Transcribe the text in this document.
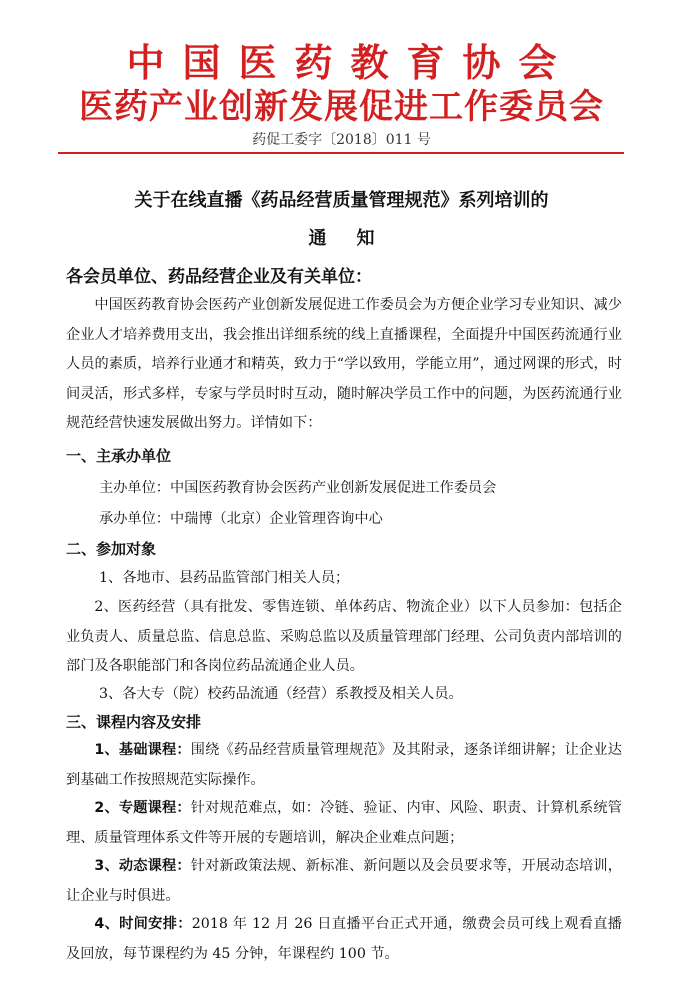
中国医药教育协会
医药产业创新发展促进工作委员会
药促工委字〔2018〕011 号
关于在线直播《药品经营质量管理规范》系列培训的
通知
各会员单位、药品经营企业及有关单位：
中国医药教育协会医药产业创新发展促进工作委员会为方便企业学习专业知识、减少企业人才培养费用支出，我会推出详细系统的线上直播课程，全面提升中国医药流通行业人员的素质，培养行业通才和精英，致力于“学以致用，学能立用”，通过网课的形式，时间灵活，形式多样，专家与学员时时互动，随时解决学员工作中的问题，为医药流通行业规范经营快速发展做出努力。详情如下：
一、主承办单位
主办单位：中国医药教育协会医药产业创新发展促进工作委员会
承办单位：中瑞博（北京）企业管理咨询中心
二、参加对象
1、各地市、县药品监管部门相关人员；
2、医药经营（具有批发、零售连锁、单体药店、物流企业）以下人员参加：包括企业负责人、质量总监、信息总监、采购总监以及质量管理部门经理、公司负责内部培训的部门及各职能部门和各岗位药品流通企业人员。
3、各大专（院）校药品流通（经营）系教授及相关人员。
三、课程内容及安排
1、基础课程：围绕《药品经营质量管理规范》及其附录，逐条详细讲解；让企业达到基础工作按照规范实际操作。
2、专题课程：针对规范难点，如：冷链、验证、内审、风险、职责、计算机系统管理、质量管理体系文件等开展的专题培训，解决企业难点问题；
3、动态课程：针对新政策法规、新标准、新问题以及会员要求等，开展动态培训，让企业与时俱进。
4、时间安排：2018 年 12 月 26 日直播平台正式开通，缴费会员可线上观看直播及回放，每节课程约为 45 分钟，年课程约 100 节。
